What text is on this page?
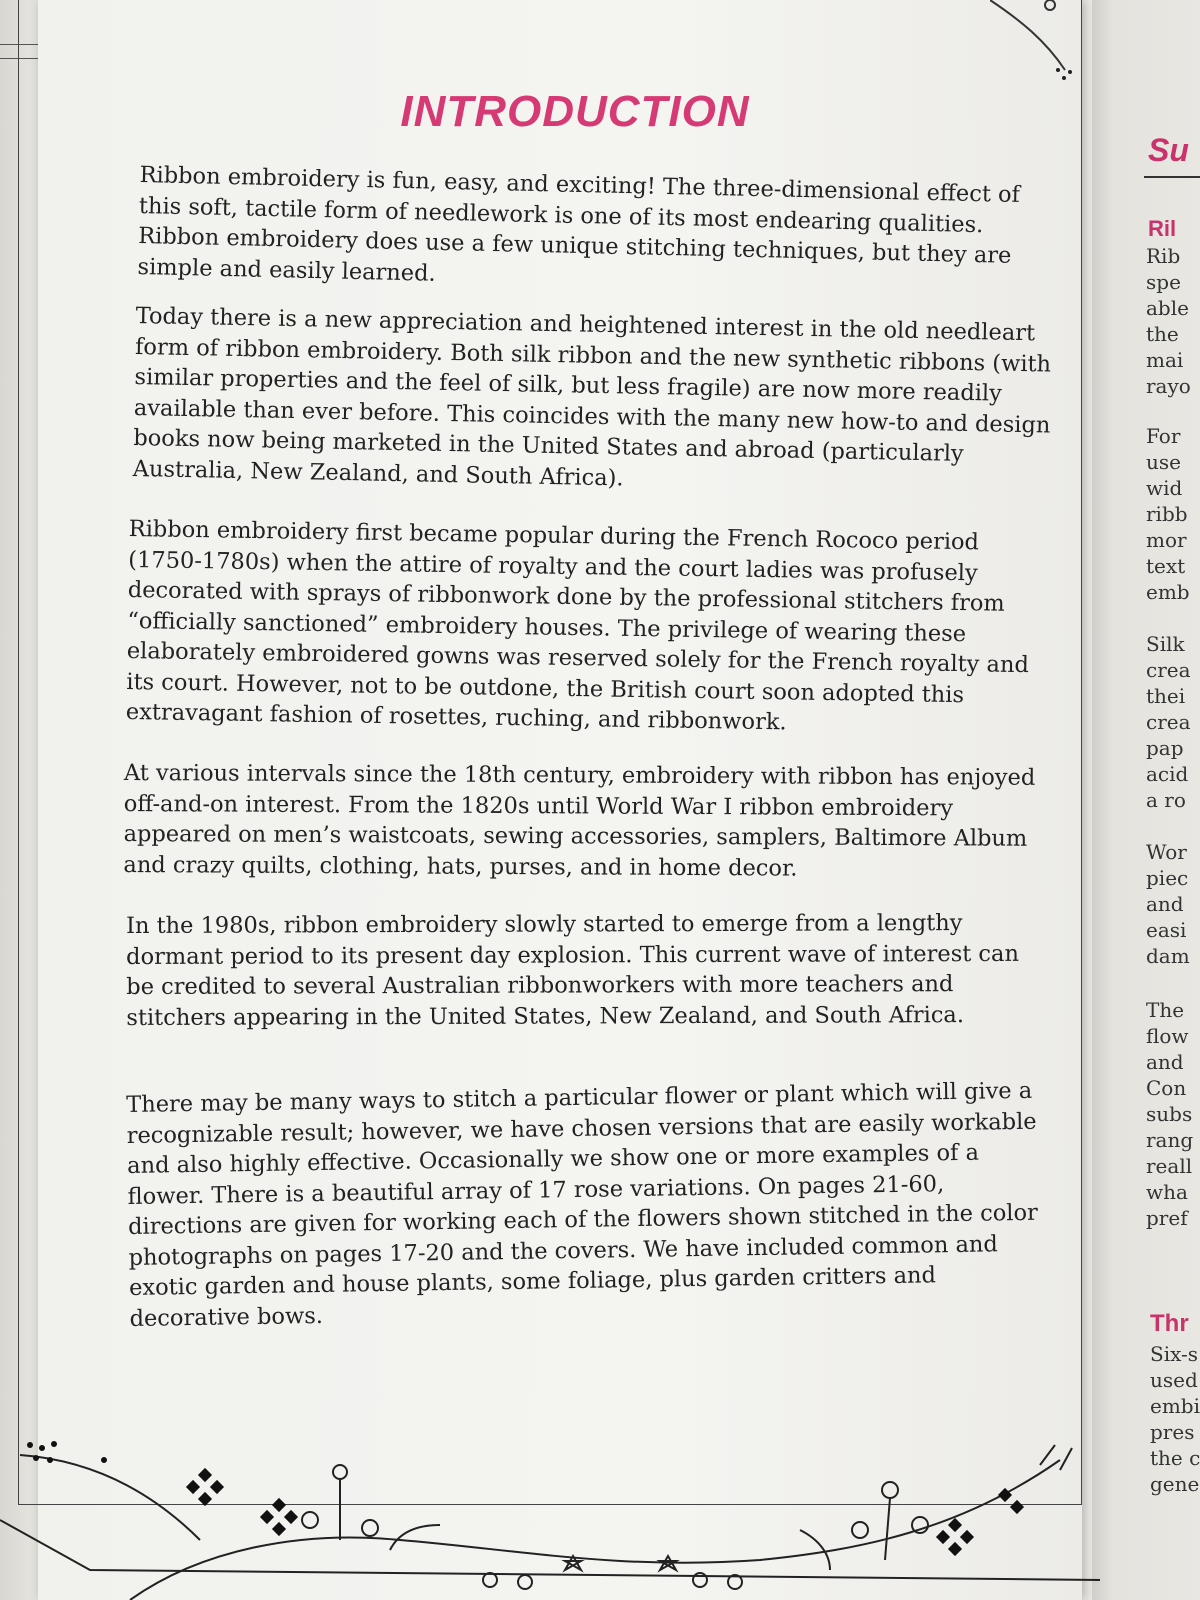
INTRODUCTION

Ribbon embroidery is fun, easy, and exciting! The three-dimensional effect of this soft, tactile form of needlework is one of its most endearing qualities. Ribbon embroidery does use a few unique stitching techniques, but they are simple and easily learned.

Today there is a new appreciation and heightened interest in the old needleart form of ribbon embroidery. Both silk ribbon and the new synthetic ribbons (with similar properties and the feel of silk, but less fragile) are now more readily available than ever before. This coincides with the many new how-to and design books now being marketed in the United States and abroad (particularly Australia, New Zealand, and South Africa).

Ribbon embroidery first became popular during the French Rococo period (1750-1780s) when the attire of royalty and the court ladies was profusely decorated with sprays of ribbonwork done by the professional stitchers from “officially sanctioned” embroidery houses. The privilege of wearing these elaborately embroidered gowns was reserved solely for the French royalty and its court. However, not to be outdone, the British court soon adopted this extravagant fashion of rosettes, ruching, and ribbonwork.

At various intervals since the 18th century, embroidery with ribbon has enjoyed off-and-on interest. From the 1820s until World War I ribbon embroidery appeared on men’s waistcoats, sewing accessories, samplers, Baltimore Album and crazy quilts, clothing, hats, purses, and in home decor.

In the 1980s, ribbon embroidery slowly started to emerge from a lengthy dormant period to its present day explosion. This current wave of interest can be credited to several Australian ribbonworkers with more teachers and stitchers appearing in the United States, New Zealand, and South Africa.

There may be many ways to stitch a particular flower or plant which will give a recognizable result; however, we have chosen versions that are easily workable and also highly effective. Occasionally we show one or more examples of a flower. There is a beautiful array of 17 rose variations. On pages 21-60, directions are given for working each of the flowers shown stitched in the color photographs on pages 17-20 and the covers. We have included common and exotic garden and house plants, some foliage, plus garden critters and decorative bows.

Su
Ril
Rib
spe
able
the
mai
rayo
For
use
wid
ribb
mor
text
emb
Silk
crea
thei
crea
pap
acid
a ro
Wor
piec
and
easi
dam
The
flow
and
Con
subs
rang
reall
wha
pref
Thr
Six-s
used
embi
pres
the c
gene
